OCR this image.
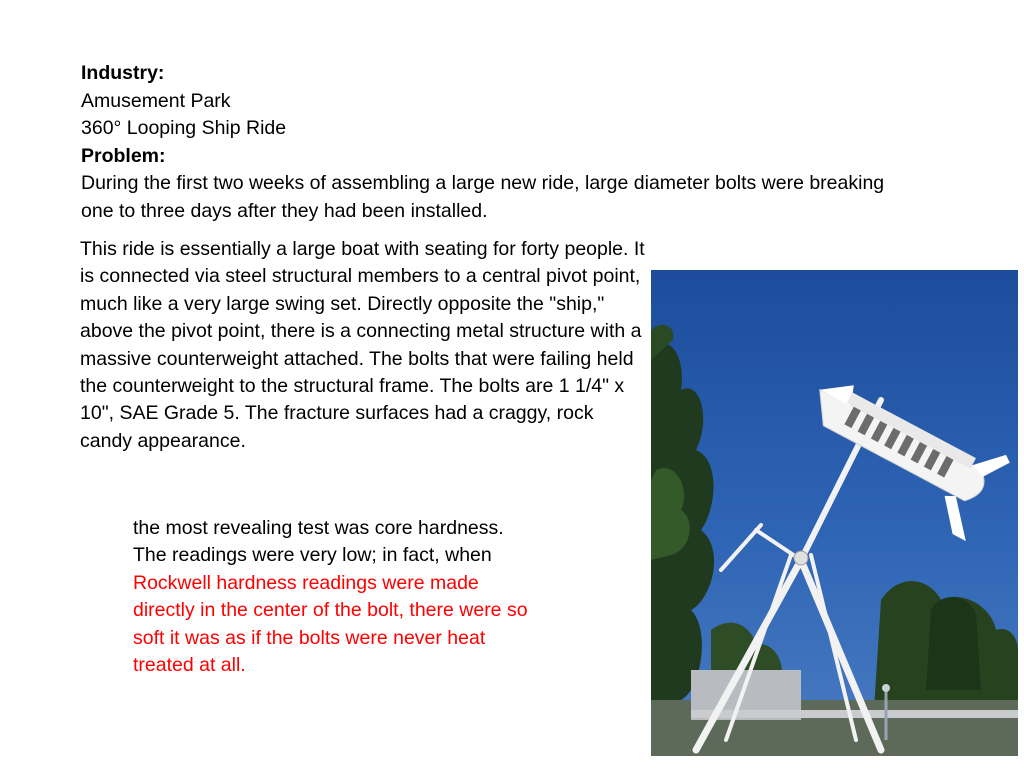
Industry:
Amusement Park
360° Looping Ship Ride
Problem:
During the first two weeks of assembling a large new ride, large diameter bolts were breaking one to three days after they had been installed.
This ride is essentially a large boat with seating for forty people. It is connected via steel structural members to a central pivot point, much like a very large swing set. Directly opposite the "ship," above the pivot point, there is a connecting metal structure with a massive counterweight attached. The bolts that were failing held the counterweight to the structural frame. The bolts are 1 1/4" x 10", SAE Grade 5. The fracture surfaces had a craggy, rock candy appearance.
the most revealing test was core hardness. The readings were very low; in fact, when Rockwell hardness readings were made directly in the center of the bolt, there were so soft it was as if the bolts were never heat treated at all.
